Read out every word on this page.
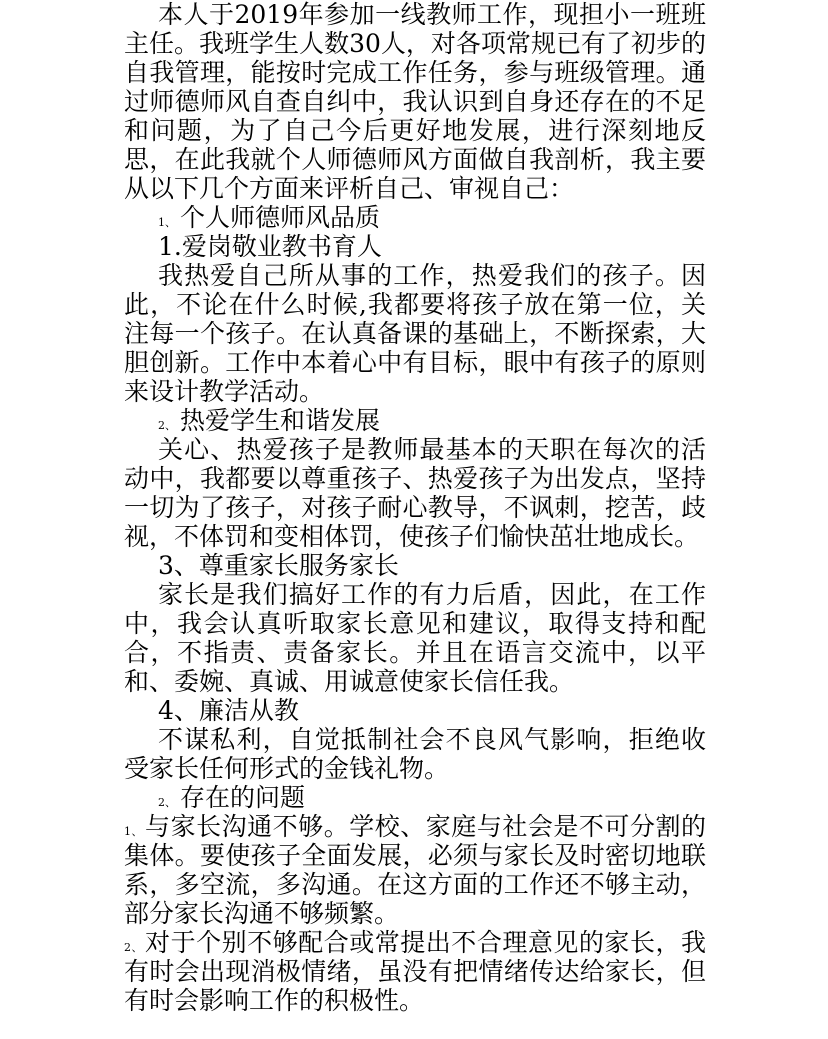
本人于2019年参加一线教师工作，现担小一班班主任。我班学生人数30人，对各项常规已有了初步的自我管理，能按时完成工作任务，参与班级管理。通过师德师风自查自纠中，我认识到自身还存在的不足和问题，为了自己今后更好地发展，进行深刻地反思，在此我就个人师德师风方面做自我剖析，我主要从以下几个方面来评析自己、审视自己：

1、 个人师德师风品质

1.爱岗敬业教书育人

我热爱自己所从事的工作，热爱我们的孩子。因此，不论在什么时候,我都要将孩子放在第一位，关注每一个孩子。在认真备课的基础上，不断探索，大胆创新。工作中本着心中有目标，眼中有孩子的原则来设计教学活动。

2、 热爱学生和谐发展

关心、热爱孩子是教师最基本的天职在每次的活动中，我都要以尊重孩子、热爱孩子为出发点，坚持一切为了孩子，对孩子耐心教导，不讽刺，挖苦，歧视，不体罚和变相体罚，使孩子们愉快茁壮地成长。

3、尊重家长服务家长

家长是我们搞好工作的有力后盾，因此，在工作中，我会认真听取家长意见和建议，取得支持和配合，不指责、责备家长。并且在语言交流中，以平和、委婉、真诚、用诚意使家长信任我。

4、廉洁从教

不谋私利，自觉抵制社会不良风气影响，拒绝收受家长任何形式的金钱礼物。

2、 存在的问题

1、与家长沟通不够。学校、家庭与社会是不可分割的集体。要使孩子全面发展，必须与家长及时密切地联系，多空流，多沟通。在这方面的工作还不够主动，部分家长沟通不够频繁。

2、对于个别不够配合或常提出不合理意见的家长，我有时会出现消极情绪，虽没有把情绪传达给家长，但有时会影响工作的积极性。
